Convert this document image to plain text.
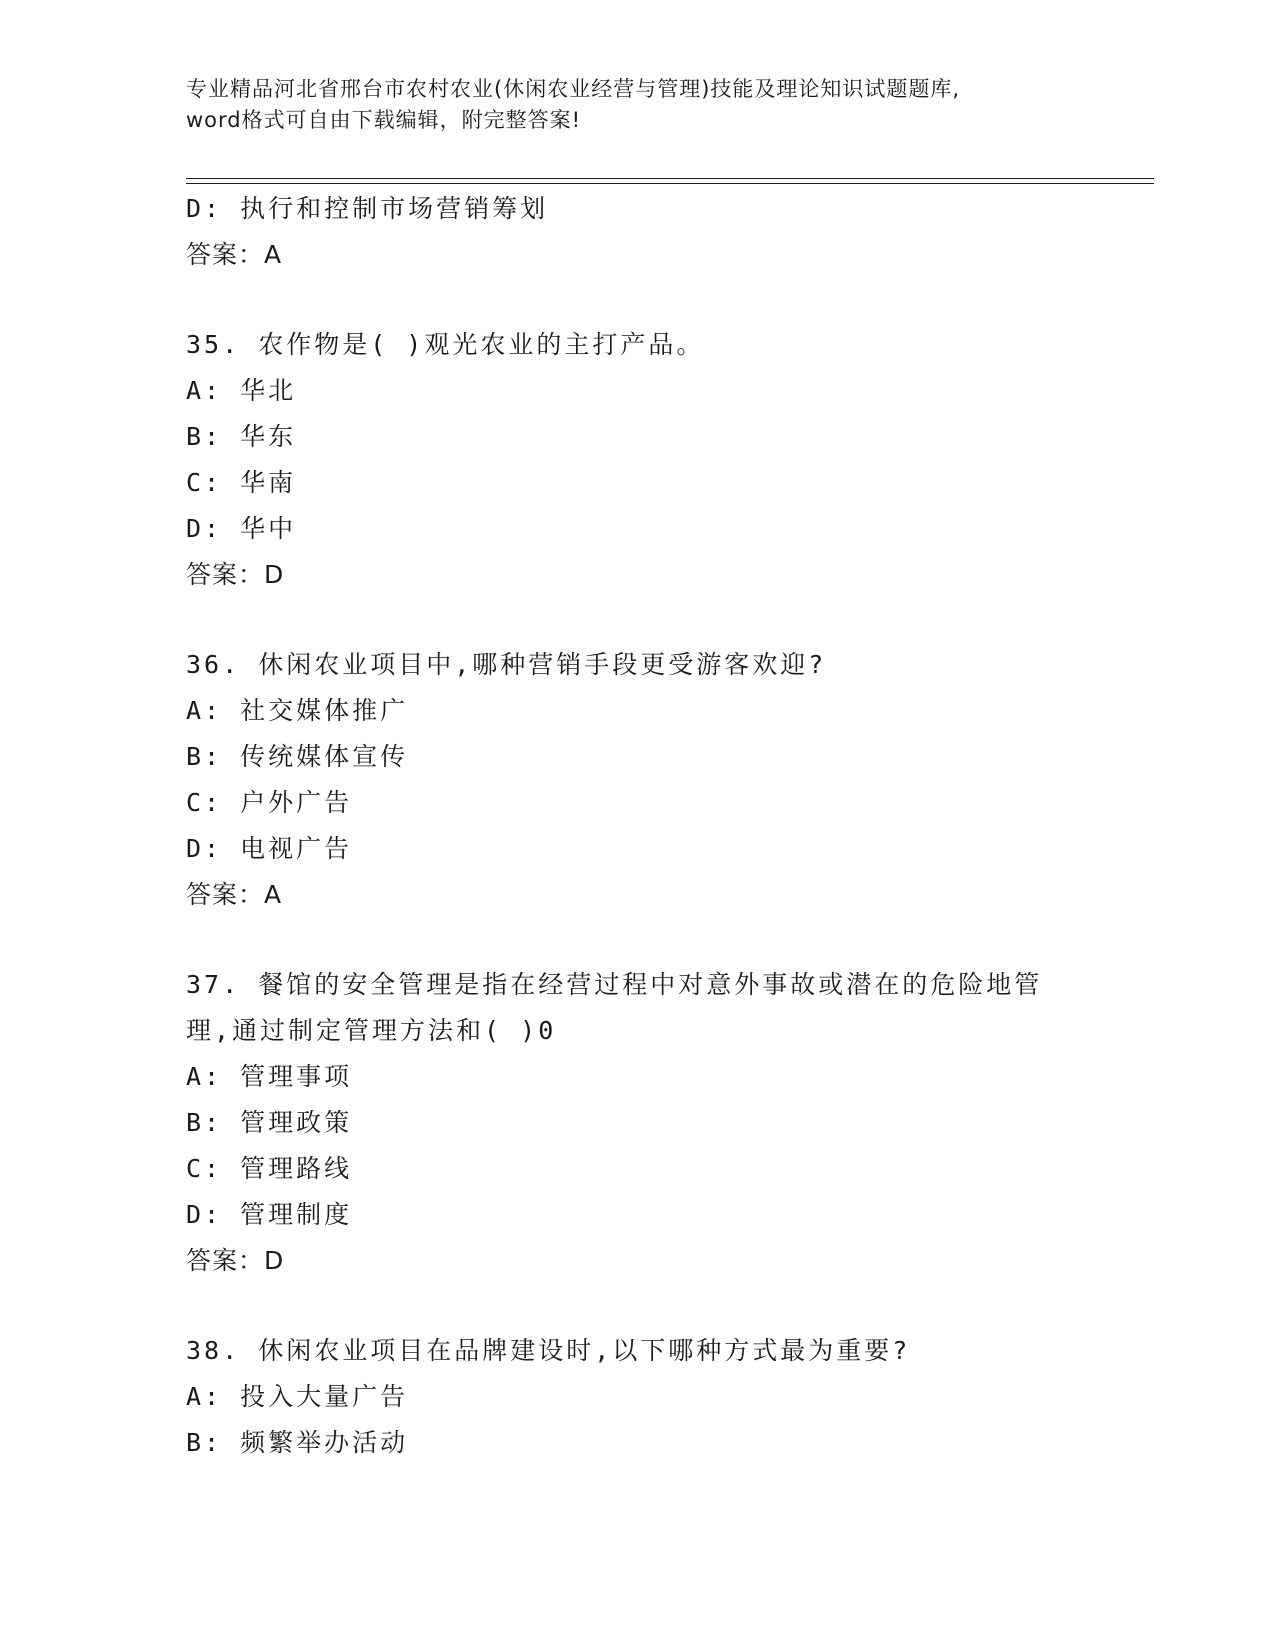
专业精品河北省邢台市农村农业(休闲农业经营与管理)技能及理论知识试题题库,
word格式可自由下载编辑，附完整答案!
D: 执行和控制市场营销筹划
答案：A
35. 农作物是( )观光农业的主打产品。
A: 华北
B: 华东
C: 华南
D: 华中
答案：D
36. 休闲农业项目中,哪种营销手段更受游客欢迎?
A: 社交媒体推广
B: 传统媒体宣传
C: 户外广告
D: 电视广告
答案：A
37. 餐馆的安全管理是指在经营过程中对意外事故或潜在的危险地管
理,通过制定管理方法和( )0
A: 管理事项
B: 管理政策
C: 管理路线
D: 管理制度
答案：D
38. 休闲农业项目在品牌建设时,以下哪种方式最为重要?
A: 投入大量广告
B: 频繁举办活动
